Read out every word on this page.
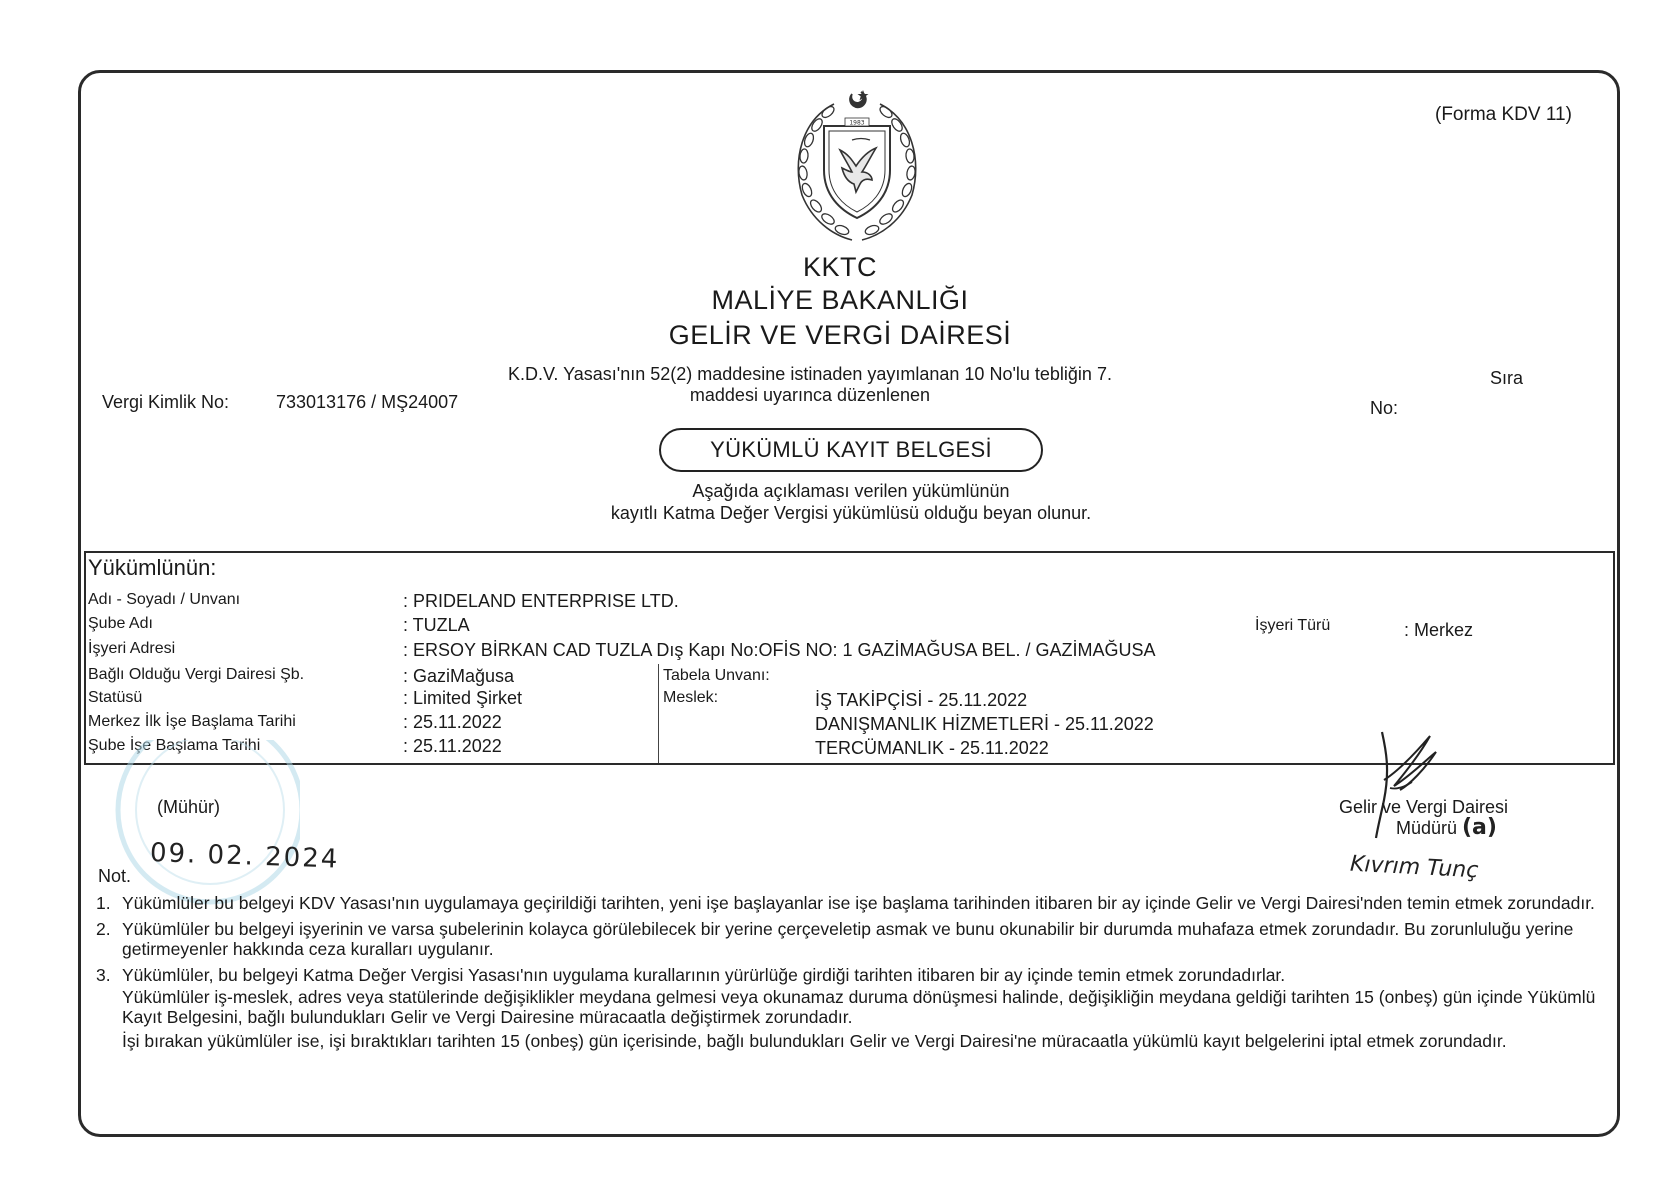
(Forma KDV 11)
1983
KKTC
MALİYE BAKANLIĞI
GELİR VE VERGİ DAİRESİ
K.D.V. Yasası'nın 52(2) maddesine istinaden yayımlanan 10 No'lu tebliğin 7.
maddesi uyarınca düzenlenen
Vergi Kimlik No:	733013176 / MŞ24007
Sıra
No:
YÜKÜMLÜ KAYIT BELGESİ
Aşağıda açıklaması verilen yükümlünün
kayıtlı Katma Değer Vergisi yükümlüsü olduğu beyan olunur.
Yükümlünün:
Adı - Soyadı / Unvanı	: PRIDELAND ENTERPRISE LTD.
Şube Adı	: TUZLA	İşyeri Türü	: Merkez
İşyeri Adresi	: ERSOY BİRKAN CAD TUZLA Dış Kapı No:OFİS NO: 1 GAZİMAĞUSA BEL. / GAZİMAĞUSA
Bağlı Olduğu Vergi Dairesi Şb.	: GaziMağusa	Tabela Unvanı:
Statüsü	: Limited Şirket	Meslek:	İŞ TAKİPÇİSİ - 25.11.2022
DANIŞMANLIK HİZMETLERİ - 25.11.2022
TERCÜMANLIK - 25.11.2022
Merkez İlk İşe Başlama Tarihi	: 25.11.2022
Şube İşe Başlama Tarihi	: 25.11.2022
(Mühür)
09. 02. 2024
Gelir ve Vergi Dairesi
Müdürü (a)
Kıvrım Tunç
Not.
1. Yükümlüler bu belgeyi KDV Yasası'nın uygulamaya geçirildiği tarihten, yeni işe başlayanlar ise işe başlama tarihinden itibaren bir ay içinde Gelir ve Vergi Dairesi'nden temin etmek zorundadır.

2. Yükümlüler bu belgeyi işyerinin ve varsa şubelerinin kolayca görülebilecek bir yerine çerçeveletip asmak ve bunu okunabilir bir durumda muhafaza etmek zorundadır. Bu zorunluluğu yerine getirmeyenler hakkında ceza kuralları uygulanır.

3. Yükümlüler, bu belgeyi Katma Değer Vergisi Yasası'nın uygulama kurallarının yürürlüğe girdiği tarihten itibaren bir ay içinde temin etmek zorundadırlar.

Yükümlüler iş-meslek, adres veya statülerinde değişiklikler meydana gelmesi veya okunamaz duruma dönüşmesi halinde, değişikliğin meydana geldiği tarihten 15 (onbeş) gün içinde Yükümlü Kayıt Belgesini, bağlı bulundukları Gelir ve Vergi Dairesine müracaatla değiştirmek zorundadır.

İşi bırakan yükümlüler ise, işi bıraktıkları tarihten 15 (onbeş) gün içerisinde, bağlı bulundukları Gelir ve Vergi Dairesi'ne müracaatla yükümlü kayıt belgelerini iptal etmek zorundadır.
